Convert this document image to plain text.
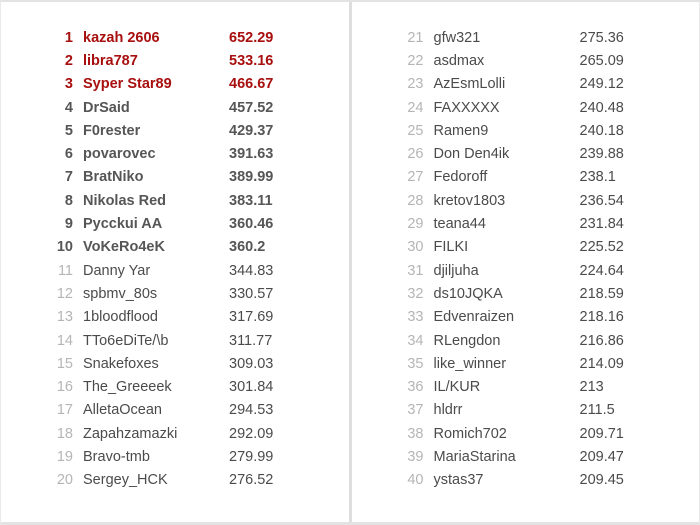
1 kazah 2606	652.29
2 libra787	533.16
3 Syper Star89	466.67
4 DrSaid	457.52
5 F0rester	429.37
6 povarovec	391.63
7 BratNiko	389.99
8 Nikolas Red	383.11
9 Pycckui AA	360.46
10 VoKeRo4eK	360.2
11 Danny Yar	344.83
12 spbmv_80s	330.57
13 1bloodflood	317.69
14 TTo6eDiTe/\b	311.77
15 Snakefoxes	309.03
16 The_Greeeek	301.84
17 AlletaOcean	294.53
18 Zapahzamazki	292.09
19 Bravo-tmb	279.99
20 Sergey_HCK	276.52
21 gfw321	275.36
22 asdmax	265.09
23 AzEsmLolli	249.12
24 FAXXXXX	240.48
25 Ramen9	240.18
26 Don Den4ik	239.88
27 Fedoroff	238.1
28 kretov1803	236.54
29 teana44	231.84
30 FILKI	225.52
31 djiljuha	224.64
32 ds10JQKA	218.59
33 Edvenraizen	218.16
34 RLengdon	216.86
35 like_winner	214.09
36 IL/KUR	213
37 hldrr	211.5
38 Romich702	209.71
39 MariaStarina	209.47
40 ystas37	209.45
